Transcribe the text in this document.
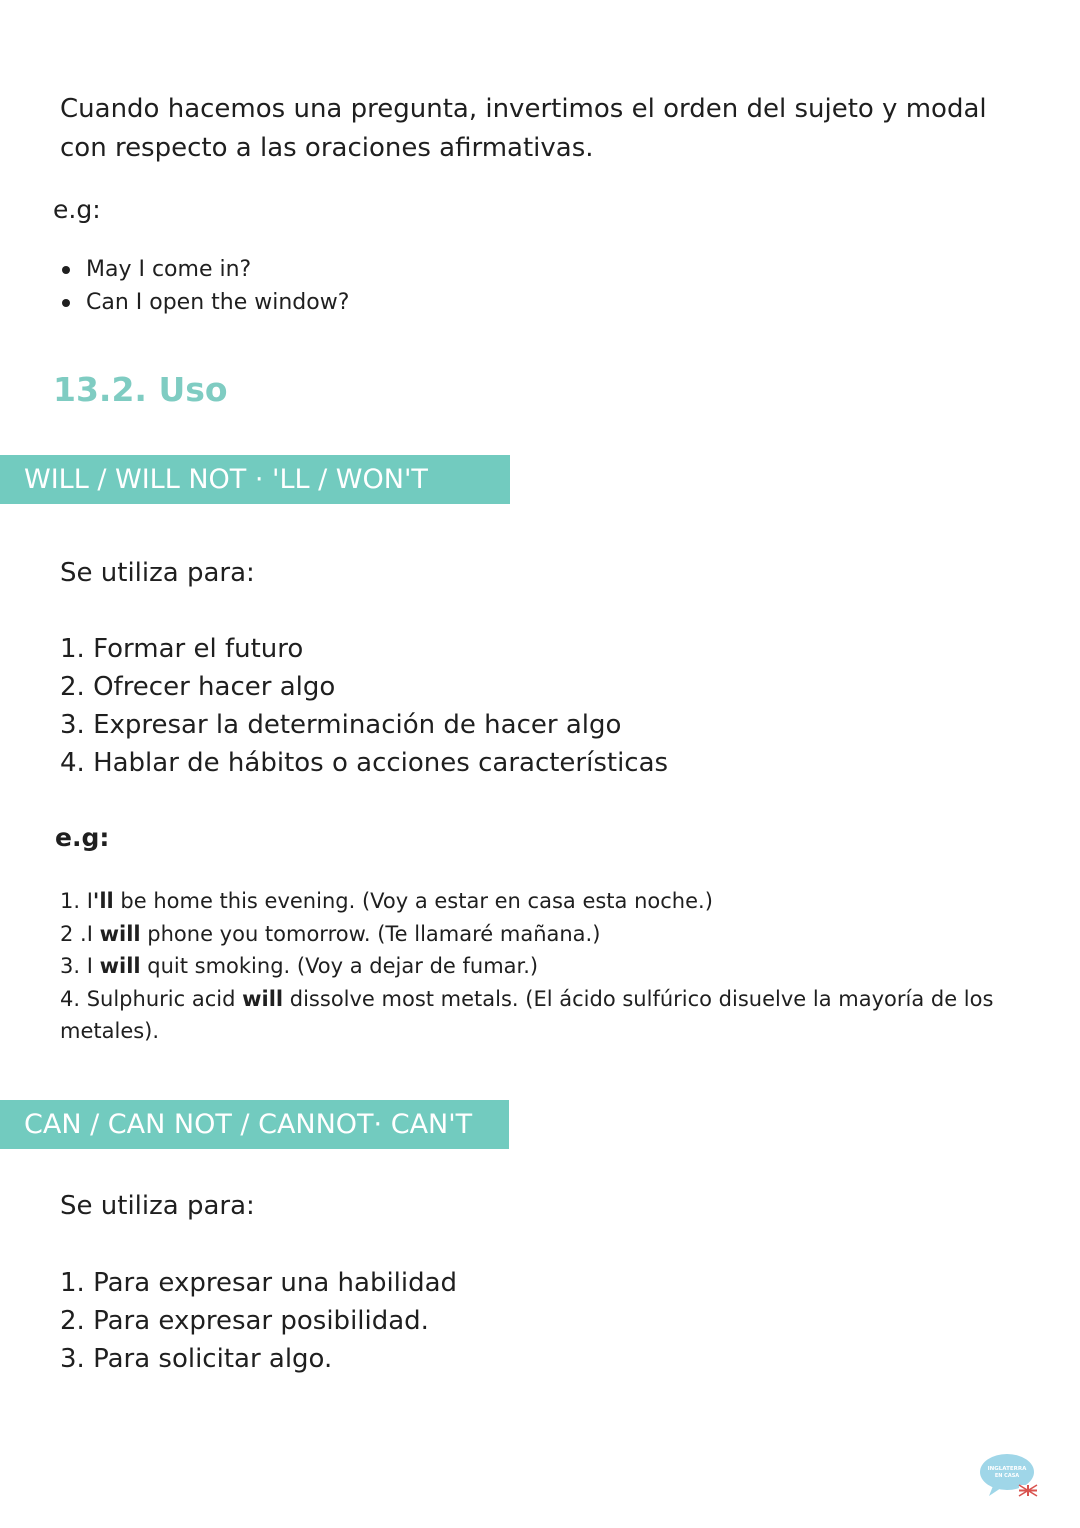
Cuando hacemos una pregunta, invertimos el orden del sujeto y modal con respecto a las oraciones afirmativas.

e.g:

May I come in?
Can I open the window?
13.2. Uso
WILL / WILL NOT · 'LL / WON'T

Se utiliza para:

1. Formar el futuro
2. Ofrecer hacer algo
3. Expresar la determinación de hacer algo
4. Hablar de hábitos o acciones características

e.g:

1. I'll be home this evening. (Voy a estar en casa esta noche.)
2 .I will phone you tomorrow. (Te llamaré mañana.)
3. I will quit smoking. (Voy a dejar de fumar.)
4. Sulphuric acid will dissolve most metals. (El ácido sulfúrico disuelve la mayoría de los metales).
CAN / CAN NOT / CANNOT· CAN'T

Se utiliza para:

1. Para expresar una habilidad
2. Para expresar posibilidad.
3. Para solicitar algo.
INGLATERRA
EN CASA
